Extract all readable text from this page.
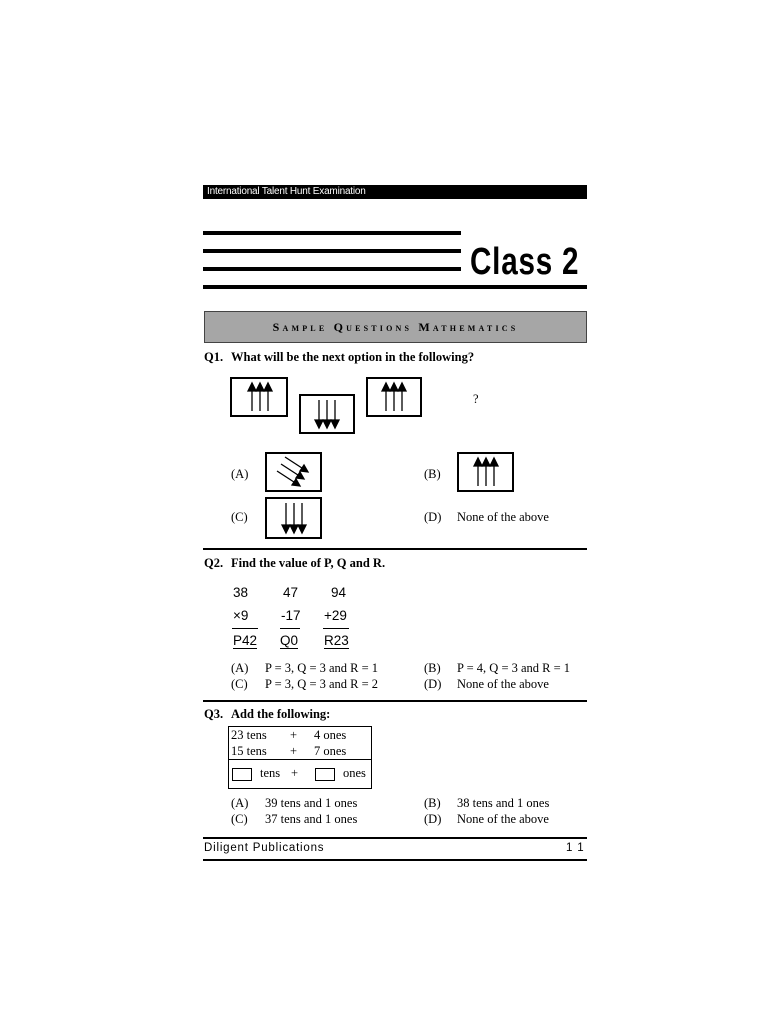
International Talent Hunt Examination
Class 2
Sample Questions Mathematics
Q1. What will be the next option in the following?
?
(A)	(B)
(C)	(D) None of the above
Q2. Find the value of P, Q and R.
38	47 94
×9 -17 +29
P42 Q0 R23
(A) P = 3, Q = 3 and R = 1	(B) P = 4, Q = 3 and R = 1
(C) P = 3, Q = 3 and R = 2	(D) None of the above
Q3. Add the following:
23 tens + 4 ones
15 tens + 7 ones
tens +	ones
(A) 39 tens and 1 ones	(B) 38 tens and 1 ones
(C) 37 tens and 1 ones	(D) None of the above
Diligent Publications	1 1
